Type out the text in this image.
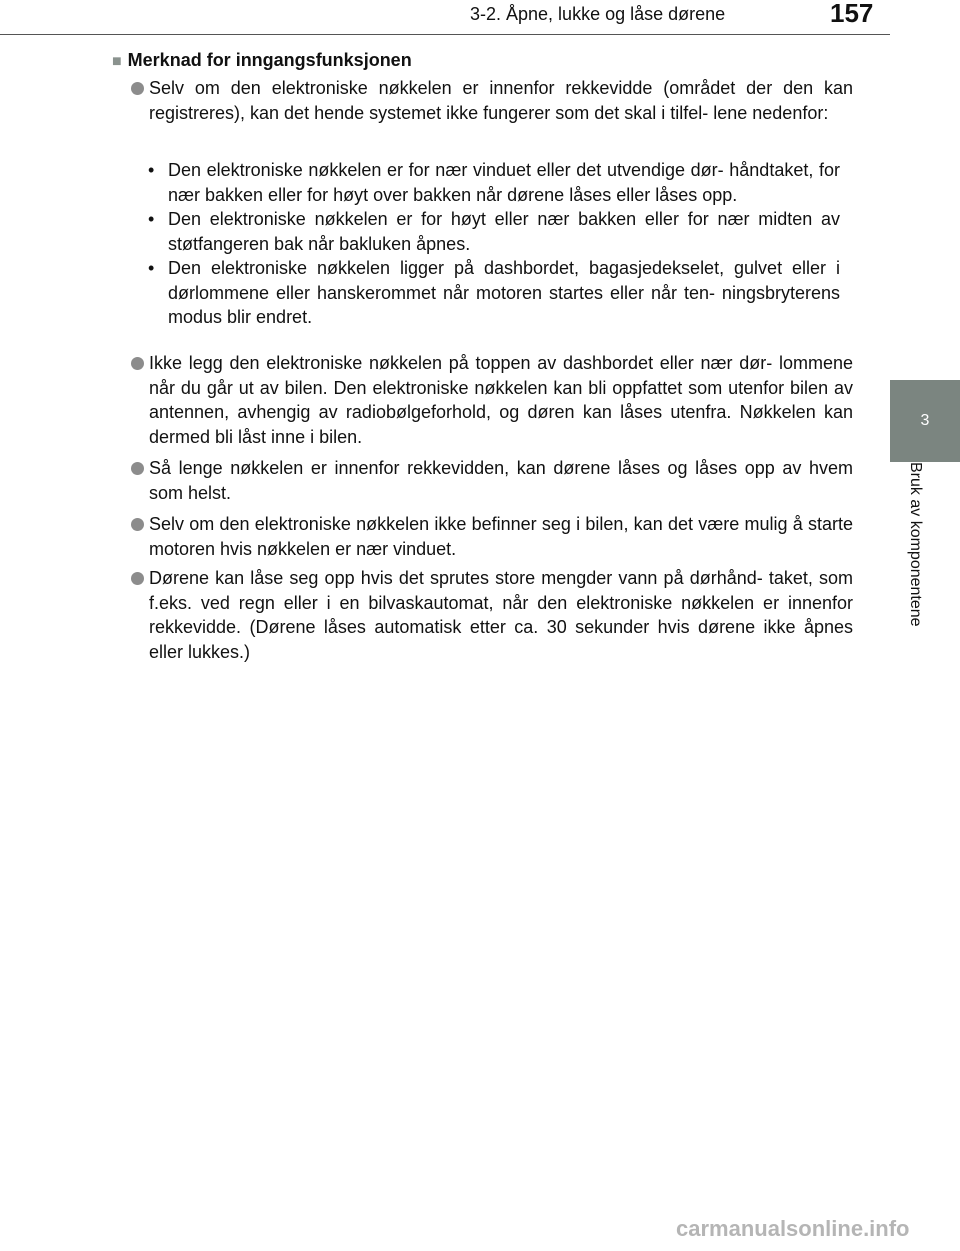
3-2. Åpne, lukke og låse dørene	157
3
Bruk av komponentene
■ Merknad for inngangsfunksjonen
Selv om den elektroniske nøkkelen er innenfor rekkevidde (området der den kan registreres), kan det hende systemet ikke fungerer som det skal i tilfel- lene nedenfor:
• Den elektroniske nøkkelen er for nær vinduet eller det utvendige dør- håndtaket, for nær bakken eller for høyt over bakken når dørene låses eller låses opp.
• Den elektroniske nøkkelen er for høyt eller nær bakken eller for nær midten av støtfangeren bak når bakluken åpnes.
• Den elektroniske nøkkelen ligger på dashbordet, bagasjedekselet, gulvet eller i dørlommene eller hanskerommet når motoren startes eller når ten- ningsbryterens modus blir endret.
Ikke legg den elektroniske nøkkelen på toppen av dashbordet eller nær dør- lommene når du går ut av bilen. Den elektroniske nøkkelen kan bli oppfattet som utenfor bilen av antennen, avhengig av radiobølgeforhold, og døren kan låses utenfra. Nøkkelen kan dermed bli låst inne i bilen.
Så lenge nøkkelen er innenfor rekkevidden, kan dørene låses og låses opp av hvem som helst.
Selv om den elektroniske nøkkelen ikke befinner seg i bilen, kan det være mulig å starte motoren hvis nøkkelen er nær vinduet.
Dørene kan låse seg opp hvis det sprutes store mengder vann på dørhånd- taket, som f.eks. ved regn eller i en bilvaskautomat, når den elektroniske nøkkelen er innenfor rekkevidde. (Dørene låses automatisk etter ca. 30 sekunder hvis dørene ikke åpnes eller lukkes.)
carmanualsonline.info
